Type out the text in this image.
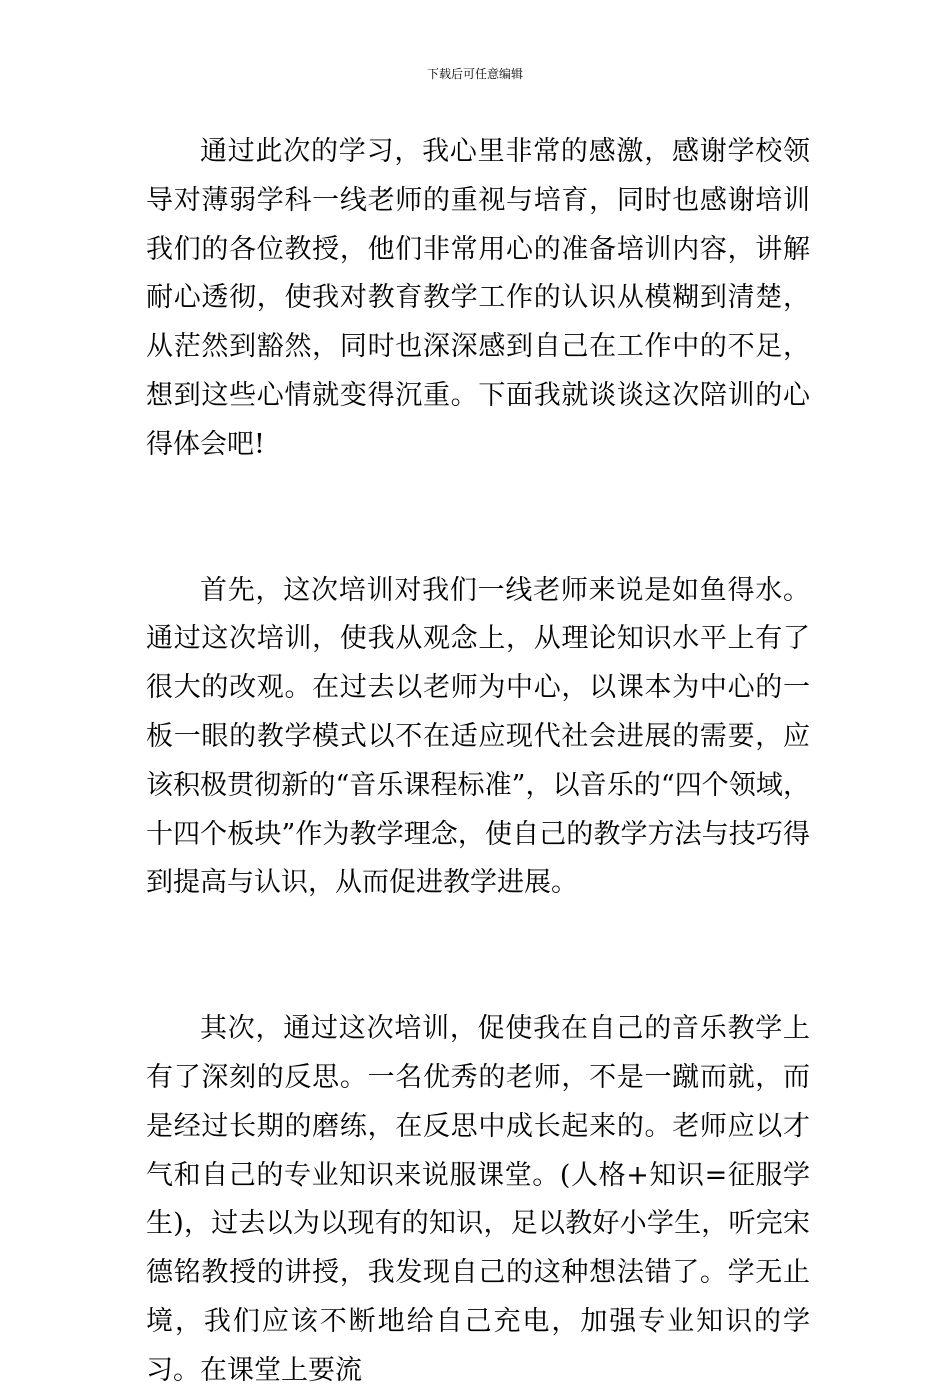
下载后可任意编辑

通过此次的学习，我心里非常的感激，感谢学校领导对薄弱学科一线老师的重视与培育，同时也感谢培训我们的各位教授，他们非常用心的准备培训内容，讲解耐心透彻，使我对教育教学工作的认识从模糊到清楚，从茫然到豁然，同时也深深感到自己在工作中的不足，想到这些心情就变得沉重。下面我就谈谈这次陪训的心得体会吧!

首先，这次培训对我们一线老师来说是如鱼得水。通过这次培训，使我从观念上，从理论知识水平上有了很大的改观。在过去以老师为中心，以课本为中心的一板一眼的教学模式以不在适应现代社会进展的需要，应该积极贯彻新的“音乐课程标准”，以音乐的“四个领域，十四个板块”作为教学理念，使自己的教学方法与技巧得到提高与认识，从而促进教学进展。

其次，通过这次培训，促使我在自己的音乐教学上有了深刻的反思。一名优秀的老师，不是一蹴而就，而是经过长期的磨练，在反思中成长起来的。老师应以才气和自己的专业知识来说服课堂。(人格+知识=征服学生)，过去以为以现有的知识，足以教好小学生，听完宋德铭教授的讲授，我发现自己的这种想法错了。学无止境，我们应该不断地给自己充电，加强专业知识的学习。在课堂上要流
